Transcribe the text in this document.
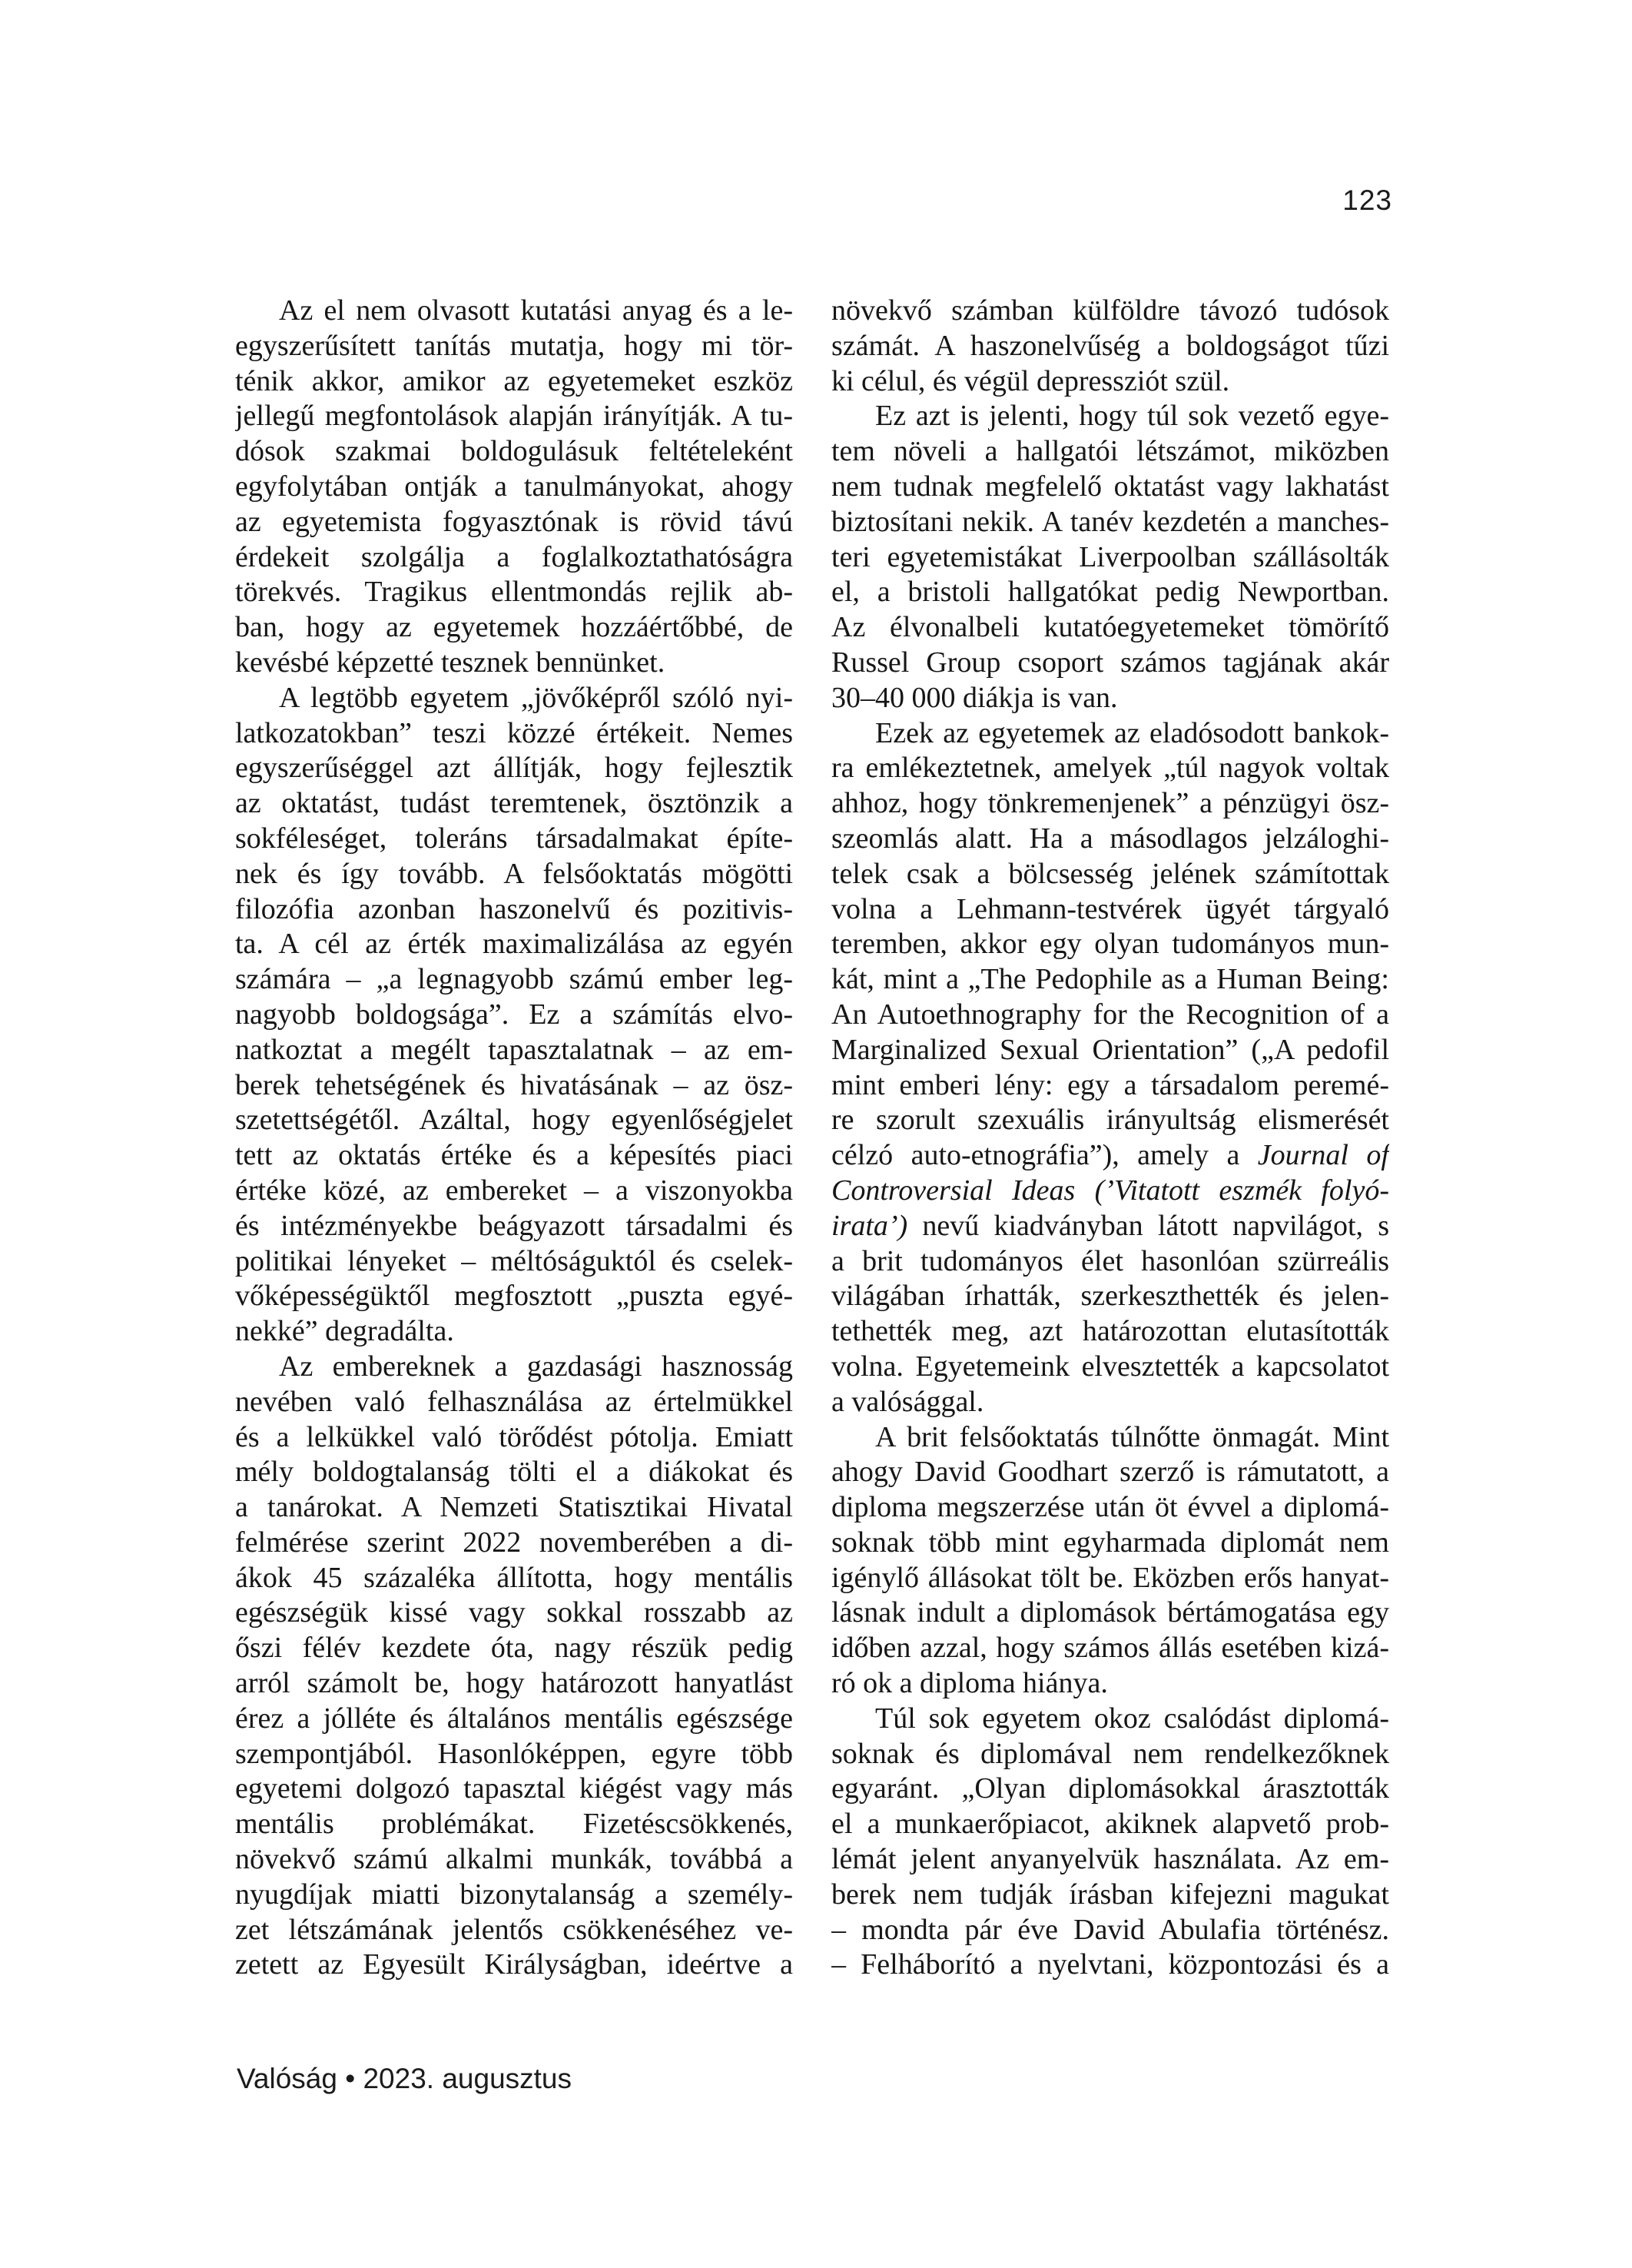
123
Az el nem olvasott kutatási anyag és a le-
egyszerűsített tanítás mutatja, hogy mi tör-
ténik akkor, amikor az egyetemeket eszköz
jellegű megfontolások alapján irányítják. A tu-
dósok szakmai boldogulásuk feltételeként
egyfolytában ontják a tanulmányokat, ahogy
az egyetemista fogyasztónak is rövid távú
érdekeit szolgálja a foglalkoztathatóságra
törekvés. Tragikus ellentmondás rejlik ab-
ban, hogy az egyetemek hozzáértőbbé, de
kevésbé képzetté tesznek bennünket.
A legtöbb egyetem „jövőképről szóló nyi-
latkozatokban” teszi közzé értékeit. Nemes
egyszerűséggel azt állítják, hogy fejlesztik
az oktatást, tudást teremtenek, ösztönzik a
sokféleséget, toleráns társadalmakat építe-
nek és így tovább. A felsőoktatás mögötti
filozófia azonban haszonelvű és pozitivis-
ta. A cél az érték maximalizálása az egyén
számára – „a legnagyobb számú ember leg-
nagyobb boldogsága”. Ez a számítás elvo-
natkoztat a megélt tapasztalatnak – az em-
berek tehetségének és hivatásának – az ösz-
szetettségétől. Azáltal, hogy egyenlőségjelet
tett az oktatás értéke és a képesítés piaci
értéke közé, az embereket – a viszonyokba
és intézményekbe beágyazott társadalmi és
politikai lényeket – méltóságuktól és cselek-
vőképességüktől megfosztott „puszta egyé-
nekké” degradálta.
Az embereknek a gazdasági hasznosság
nevében való felhasználása az értelmükkel
és a lelkükkel való törődést pótolja. Emiatt
mély boldogtalanság tölti el a diákokat és
a tanárokat. A Nemzeti Statisztikai Hivatal
felmérése szerint 2022 novemberében a di-
ákok 45 százaléka állította, hogy mentális
egészségük kissé vagy sokkal rosszabb az
őszi félév kezdete óta, nagy részük pedig
arról számolt be, hogy határozott hanyatlást
érez a jólléte és általános mentális egészsége
szempontjából. Hasonlóképpen, egyre több
egyetemi dolgozó tapasztal kiégést vagy más
mentális problémákat. Fizetéscsökkenés,
növekvő számú alkalmi munkák, továbbá a
nyugdíjak miatti bizonytalanság a személy-
zet létszámának jelentős csökkenéséhez ve-
zetett az Egyesült Királyságban, ideértve a
növekvő számban külföldre távozó tudósok
számát. A haszonelvűség a boldogságot tűzi
ki célul, és végül depressziót szül.
Ez azt is jelenti, hogy túl sok vezető egye-
tem növeli a hallgatói létszámot, miközben
nem tudnak megfelelő oktatást vagy lakhatást
biztosítani nekik. A tanév kezdetén a manches-
teri egyetemistákat Liverpoolban szállásolták
el, a bristoli hallgatókat pedig Newportban.
Az élvonalbeli kutatóegyetemeket tömörítő
Russel Group csoport számos tagjának akár
30–40 000 diákja is van.
Ezek az egyetemek az eladósodott bankok-
ra emlékeztetnek, amelyek „túl nagyok voltak
ahhoz, hogy tönkremenjenek” a pénzügyi ösz-
szeomlás alatt. Ha a másodlagos jelzáloghi-
telek csak a bölcsesség jelének számítottak
volna a Lehmann-testvérek ügyét tárgyaló
teremben, akkor egy olyan tudományos mun-
kát, mint a „The Pedophile as a Human Being:
An Autoethnography for the Recognition of a
Marginalized Sexual Orientation” („A pedofil
mint emberi lény: egy a társadalom peremé-
re szorult szexuális irányultság elismerését
célzó auto-etnográfia”), amely a Journal of
Controversial Ideas (’Vitatott eszmék folyó-
irata’) nevű kiadványban látott napvilágot, s
a brit tudományos élet hasonlóan szürreális
világában írhatták, szerkeszthették és jelen-
tethették meg, azt határozottan elutasították
volna. Egyetemeink elvesztették a kapcsolatot
a valósággal.
A brit felsőoktatás túlnőtte önmagát. Mint
ahogy David Goodhart szerző is rámutatott, a
diploma megszerzése után öt évvel a diplomá-
soknak több mint egyharmada diplomát nem
igénylő állásokat tölt be. Eközben erős hanyat-
lásnak indult a diplomások bértámogatása egy
időben azzal, hogy számos állás esetében kizá-
ró ok a diploma hiánya.
Túl sok egyetem okoz csalódást diplomá-
soknak és diplomával nem rendelkezőknek
egyaránt. „Olyan diplomásokkal árasztották
el a munkaerőpiacot, akiknek alapvető prob-
lémát jelent anyanyelvük használata. Az em-
berek nem tudják írásban kifejezni magukat
– mondta pár éve David Abulafia történész.
– Felháborító a nyelvtani, központozási és a
Valóság • 2023. augusztus
